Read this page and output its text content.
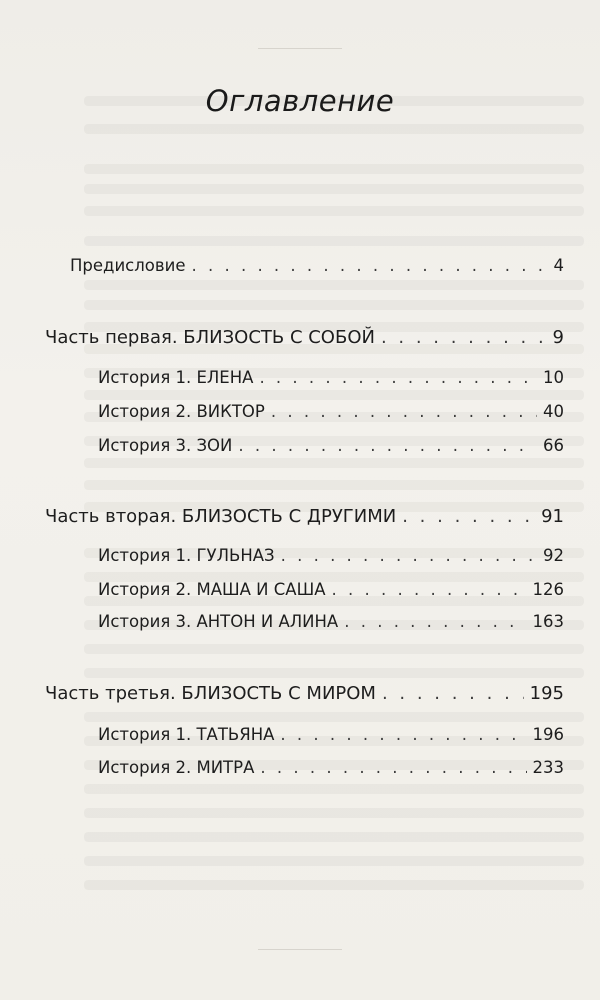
Оглавление
Предисловие . . .	4
Часть первая. БЛИЗОСТЬ С СОБОЙ . . .	9
История 1. ЕЛЕНА . . .	10
История 2. ВИКТОР . . .	40
История 3. ЗОИ . . .	66
Часть вторая. БЛИЗОСТЬ С ДРУГИМИ . . .	91
История 1. ГУЛЬНАЗ . . .	92
История 2. МАША И САША . . .	126
История 3. АНТОН И АЛИНА . . .	163
Часть третья. БЛИЗОСТЬ С МИРОМ . . .	195
История 1. ТАТЬЯНА . . .	196
История 2. МИТРА . . .	233
